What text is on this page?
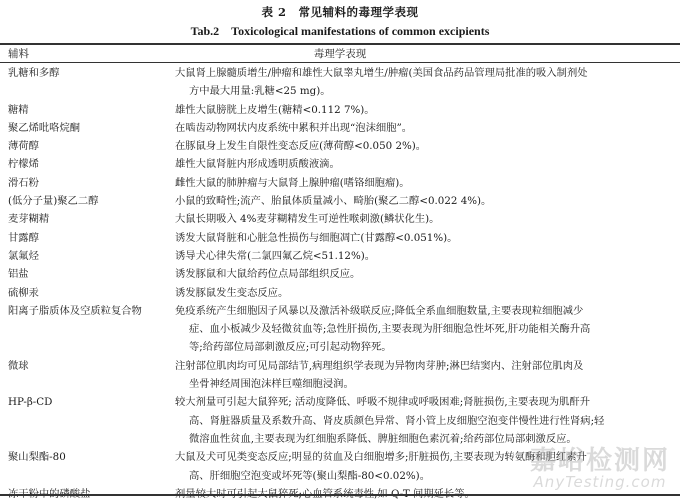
表 2　常见辅料的毒理学表现
Tab.2　Toxicological manifestations of common excipients
辅料	毒理学表现
乳糖和多醇	大鼠肾上腺髓质增生/肿瘤和雄性大鼠睾丸增生/肿瘤(美国食品药品管理局批准的吸入制剂处
方中最大用量:乳糖<25 mg)。
糖精	雄性大鼠膀胱上皮增生(糖精<0.112 7%)。
聚乙烯吡咯烷酮	在啮齿动物网状内皮系统中累积并出现“泡沫细胞”。
薄荷醇	在豚鼠身上发生自限性变态反应(薄荷醇<0.050 2%)。
柠檬烯	雄性大鼠肾脏内形成透明质酸液滴。
滑石粉	雌性大鼠的肺肿瘤与大鼠肾上腺肿瘤(嗜铬细胞瘤)。
(低分子量)聚乙二醇	小鼠的致畸性;流产、胎鼠体质量减小、畸胎(聚乙二醇<0.022 4%)。
麦芽糊精	大鼠长期吸入 4%麦芽糊精发生可逆性喉刺激(鳞状化生)。
甘露醇	诱发大鼠肾脏和心脏急性损伤与细胞凋亡(甘露醇<0.051%)。
氯氟烃	诱导犬心律失常(二氯四氟乙烷<51.12%)。
铝盐	诱发豚鼠和大鼠给药位点局部组织反应。
硫柳汞	诱发豚鼠发生变态反应。
阳离子脂质体及空质粒复合物	免疫系统产生细胞因子风暴以及激活补级联反应;降低全系血细胞数量,主要表现粒细胞减少
症、血小板减少及轻微贫血等;急性肝损伤,主要表现为肝细胞急性坏死,肝功能相关酶升高
等;给药部位局部刺激反应;可引起动物猝死。
微球	注射部位肌肉均可见局部结节,病理组织学表现为异物肉芽肿;淋巴结窦内、注射部位肌肉及
坐骨神经周围泡沫样巨噬细胞浸润。
HP-β-CD	较大剂量可引起大鼠猝死; 活动度降低、呼吸不规律或呼吸困难;肾脏损伤,主要表现为肌酐升
高、肾脏器质量及系数升高、肾皮质颜色异常、肾小管上皮细胞空泡变伴慢性进行性肾病;轻
微溶血性贫血,主要表现为红细胞系降低、脾脏细胞色素沉着;给药部位局部刺激反应。
聚山梨酯-80	大鼠及犬可见类变态反应;明显的贫血及白细胞增多;肝脏损伤,主要表现为转氨酶和胆红素升
高、肝细胞空泡变或坏死等(聚山梨酯-80<0.02%)。	嘉峪检测网
AnyTesting.com
